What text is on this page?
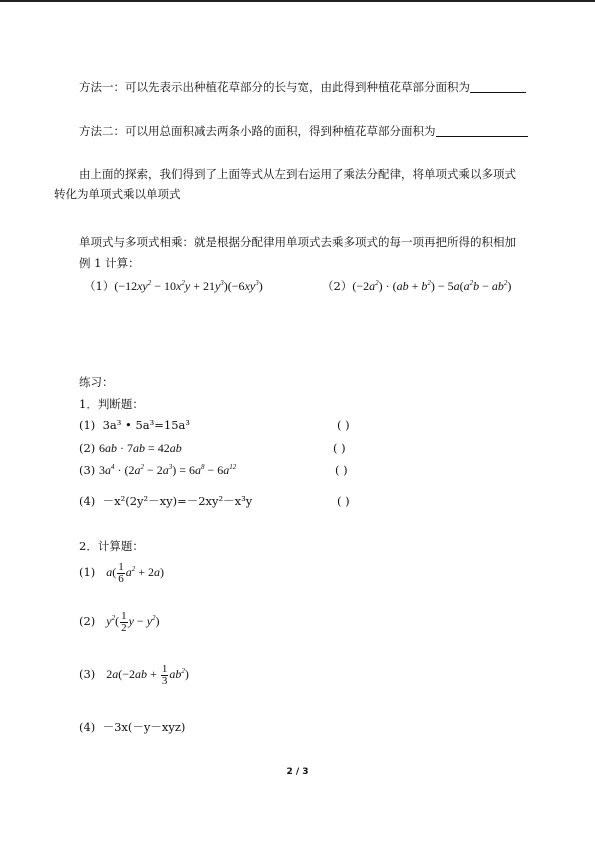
方法一：可以先表示出种植花草部分的长与宽，由此得到种植花草部分面积为
方法二：可以用总面积减去两条小路的面积，得到种植花草部分面积为
由上面的探索，我们得到了上面等式从左到右运用了乘法分配律，将单项式乘以多项式
转化为单项式乘以单项式
单项式与多项式相乘：就是根据分配律用单项式去乘多项式的每一项再把所得的积相加
例 1 计算：
$(1)(-12xy^2 - 10x^2y + 21y^3)(-6xy^3)$	$(2)(-2a^2) \cdot (ab + b^2) - 5a(a^2b - ab^2)$
练习：
1．判断题：
(1) 3a³ • 5a³=15a³	( )
(2) 6ab · 7ab = 42ab	( )
(3) $3a^4 \cdot (2a^2 - 2a^3) = 6a^8 - 6a^{12}$	( )
(4) －x²(2y²－xy)=－2xy²－x³y	( )
2．计算题：
(1) $a( \frac{1}{6} a^2 + 2a)$
(2) $y^2( \frac{1}{2}$ $y - y^2$)
(3) $2a(-2ab + \frac{1}{3} ab^2)$
(4) －3x(－y－xyz)
2 / 3
